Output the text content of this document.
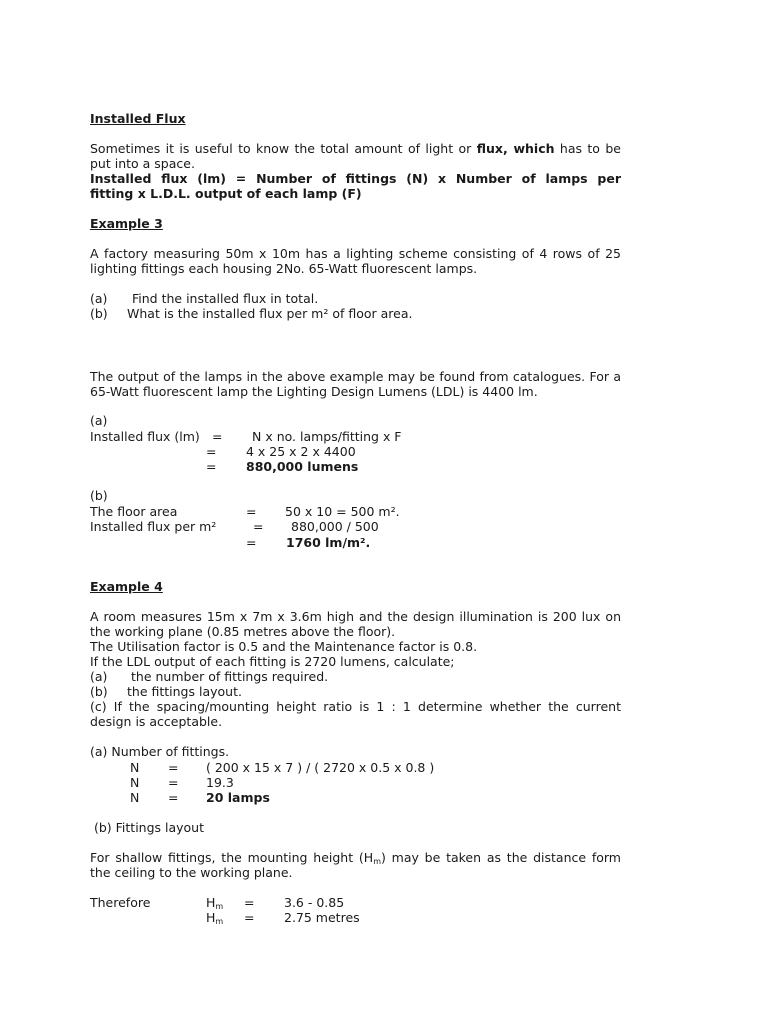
Installed Flux
Sometimes it is useful to know the total amount of light or flux, which has to be
put into a space.
Installed flux (lm) = Number of fittings (N) x Number of lamps per
fitting x L.D.L. output of each lamp (F)
Example 3
A factory measuring 50m x 10m has a lighting scheme consisting of 4 rows of 25
lighting fittings each housing 2No. 65-Watt fluorescent lamps.
(a) Find the installed flux in total.
(b) What is the installed flux per m² of floor area.
The output of the lamps in the above example may be found from catalogues. For a
65-Watt fluorescent lamp the Lighting Design Lumens (LDL) is 4400 lm.
(a)
Installed flux (lm) = N x no. lamps/fitting x F
= 4 x 25 x 2 x 4400
= 880,000 lumens
(b)
The floor area	= 50 x 10 = 500 m².
Installed flux per m²	= 880,000 / 500
= 1760 lm/m².
Example 4
A room measures 15m x 7m x 3.6m high and the design illumination is 200 lux on
the working plane (0.85 metres above the floor).
The Utilisation factor is 0.5 and the Maintenance factor is 0.8.
If the LDL output of each fitting is 2720 lumens, calculate;
(a) the number of fittings required.
(b) the fittings layout.
(c) If the spacing/mounting height ratio is 1 : 1 determine whether the current
design is acceptable.
(a) Number of fittings.
N = ( 200 x 15 x 7 ) / ( 2720 x 0.5 x 0.8 )
N = 19.3
N = 20 lamps
(b) Fittings layout
For shallow fittings, the mounting height $(H_m)$ may be taken as the distance form
the ceiling to the working plane.
Therefore	$H_m = 3.6 - 0.85$
$H_m = 2.75$ metres
